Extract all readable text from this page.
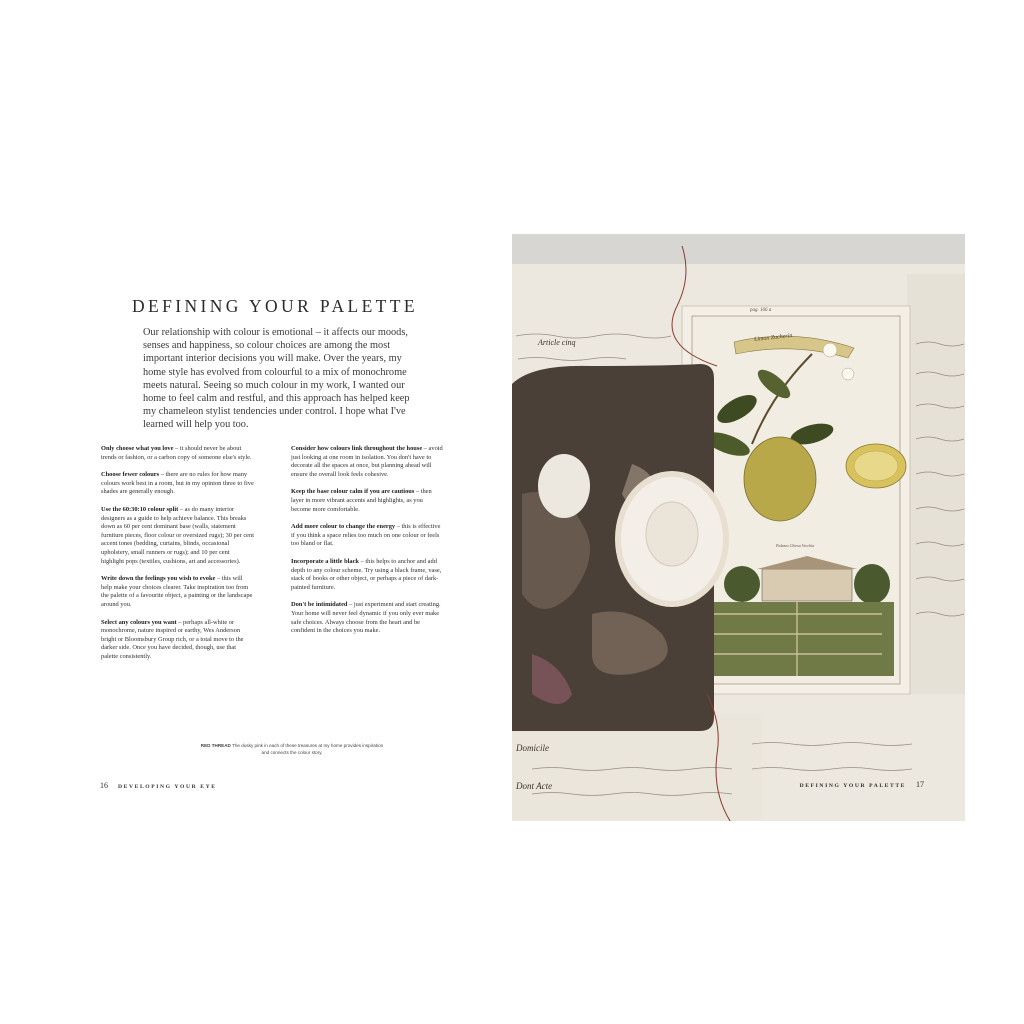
DEFINING YOUR PALETTE
Our relationship with colour is emotional – it affects our moods, senses and happiness, so colour choices are among the most important interior decisions you will make. Over the years, my home style has evolved from colourful to a mix of monochrome meets natural. Seeing so much colour in my work, I wanted our home to feel calm and restful, and this approach has helped keep my chameleon stylist tendencies under control. I hope what I've learned will help you too.

Only choose what you love – it should never be about trends or fashion, or a carbon copy of someone else's style.

Choose fewer colours – there are no rules for how many colours work best in a room, but in my opinion three to five shades are generally enough.

Use the 60:30:10 colour split – as do many interior designers as a guide to help achieve balance. This breaks down as 60 per cent dominant base (walls, statement furniture pieces, floor colour or oversized rugs); 30 per cent accent tones (bedding, curtains, blinds, occasional upholstery, small runners or rugs); and 10 per cent highlight pops (textiles, cushions, art and accessories).

Write down the feelings you wish to evoke – this will help make your choices clearer. Take inspiration too from the palette of a favourite object, a painting or the landscape around you.

Select any colours you want – perhaps all-white or monochrome, nature inspired or earthy, Wes Anderson bright or Bloomsbury Group rich, or a total move to the darker side. Once you have decided, though, use that palette consistently.

Consider how colours link throughout the house – avoid just looking at one room in isolation. You don't have to decorate all the spaces at once, but planning ahead will ensure the overall look feels cohesive.

Keep the base colour calm if you are cautious – then layer in more vibrant accents and highlights, as you become more comfortable.

Add more colour to change the energy – this is effective if you think a space relies too much on one colour or feels too bland or flat.

Incorporate a little black – this helps to anchor and add depth to any colour scheme. Try using a black frame, vase, stack of books or other object, or perhaps a piece of dark-painted furniture.

Don't be intimidated – just experiment and start creating. Your home will never feel dynamic if you only ever make safe choices. Always choose from the heart and be confident in the choices you make.

RED THREAD The dusky pink in each of these treasures at my home provides inspiration and connects the colour story.
16 DEVELOPING YOUR EYE
pag. 166 a
Limon Zucherin
Palazzo Chiesa Vecchia
Domicile
Dont Acte
Article cinq
DEFINING YOUR PALETTE 17
